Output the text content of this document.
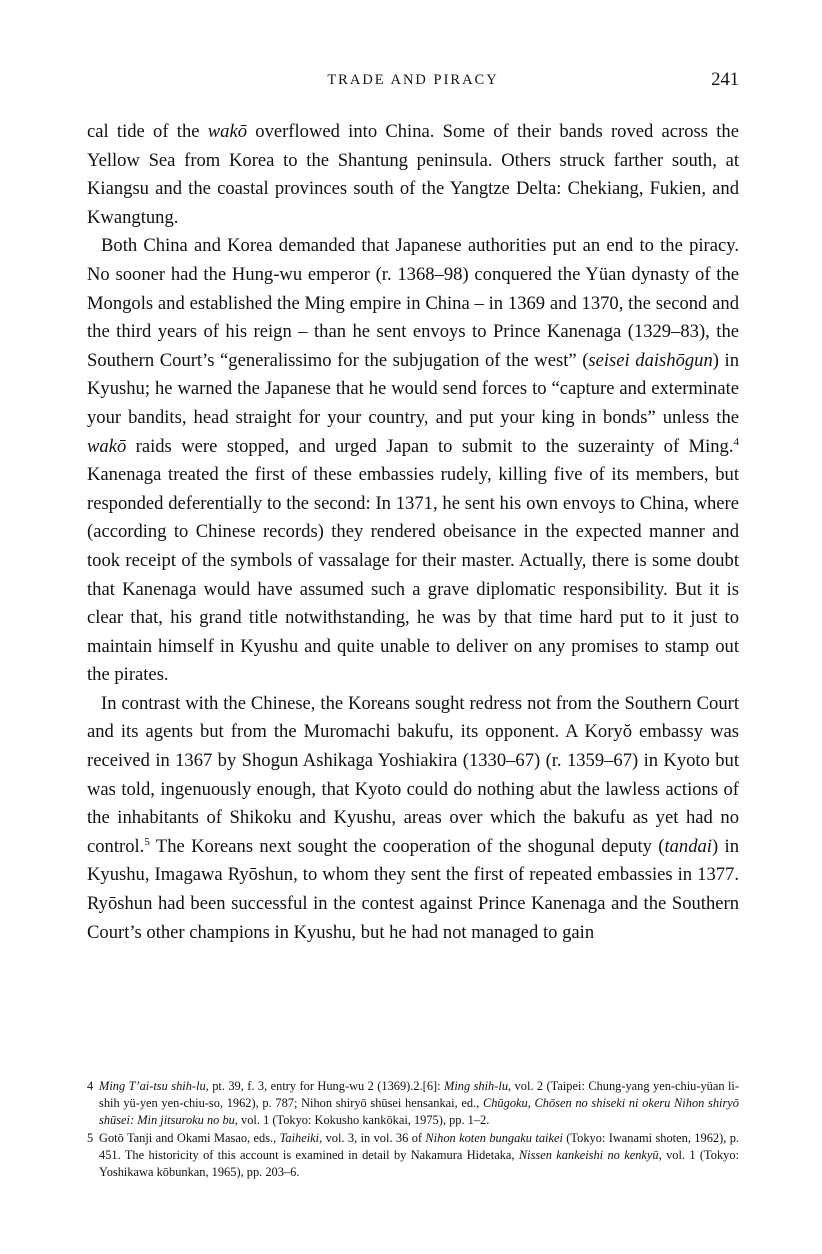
TRADE AND PIRACY	241

cal tide of the wakō overflowed into China. Some of their bands roved across the Yellow Sea from Korea to the Shantung peninsula. Others struck farther south, at Kiangsu and the coastal provinces south of the Yangtze Delta: Chekiang, Fukien, and Kwangtung.

Both China and Korea demanded that Japanese authorities put an end to the piracy. No sooner had the Hung-wu emperor (r. 1368–98) conquered the Yüan dynasty of the Mongols and established the Ming empire in China – in 1369 and 1370, the second and the third years of his reign – than he sent envoys to Prince Kanenaga (1329–83), the Southern Court’s “generalissimo for the subjugation of the west” (seisei daishōgun) in Kyushu; he warned the Japanese that he would send forces to “capture and exterminate your bandits, head straight for your country, and put your king in bonds” unless the wakō raids were stopped, and urged Japan to submit to the suzerainty of Ming.$^4$ Kanenaga treated the first of these embassies rudely, killing five of its members, but responded deferentially to the second: In 1371, he sent his own envoys to China, where (according to Chinese records) they rendered obeisance in the expected manner and took receipt of the symbols of vassalage for their master. Actually, there is some doubt that Kanenaga would have assumed such a grave diplomatic responsibility. But it is clear that, his grand title notwithstanding, he was by that time hard put to it just to maintain himself in Kyushu and quite unable to deliver on any promises to stamp out the pirates.

In contrast with the Chinese, the Koreans sought redress not from the Southern Court and its agents but from the Muromachi bakufu, its opponent. A Koryŏ embassy was received in 1367 by Shogun Ashikaga Yoshiakira (1330–67) (r. 1359–67) in Kyoto but was told, ingenuously enough, that Kyoto could do nothing abut the lawless actions of the inhabitants of Shikoku and Kyushu, areas over which the bakufu as yet had no control.$^5$ The Koreans next sought the cooperation of the shogunal deputy (tandai) in Kyushu, Imagawa Ryōshun, to whom they sent the first of repeated embassies in 1377. Ryōshun had been successful in the contest against Prince Kanenaga and the Southern Court’s other champions in Kyushu, but he had not managed to gain

4 Ming T’ai-tsu shih-lu, pt. 39, f. 3, entry for Hung-wu 2 (1369).2.[6]: Ming shih-lu, vol. 2 (Taipei: Chung-yang yen-chiu-yüan li-shih yü-yen yen-chiu-so, 1962), p. 787; Nihon shiryō shūsei hensankai, ed., Chūgoku, Chōsen no shiseki ni okeru Nihon shiryō shūsei: Min jitsuroku no bu, vol. 1 (Tokyo: Kokusho kankōkai, 1975), pp. 1–2.
5 Gotō Tanji and Okami Masao, eds., Taiheiki, vol. 3, in vol. 36 of Nihon koten bungaku taikei (Tokyo: Iwanami shoten, 1962), p. 451. The historicity of this account is examined in detail by Nakamura Hidetaka, Nissen kankeishi no kenkyū, vol. 1 (Tokyo: Yoshikawa kōbunkan, 1965), pp. 203–6.
